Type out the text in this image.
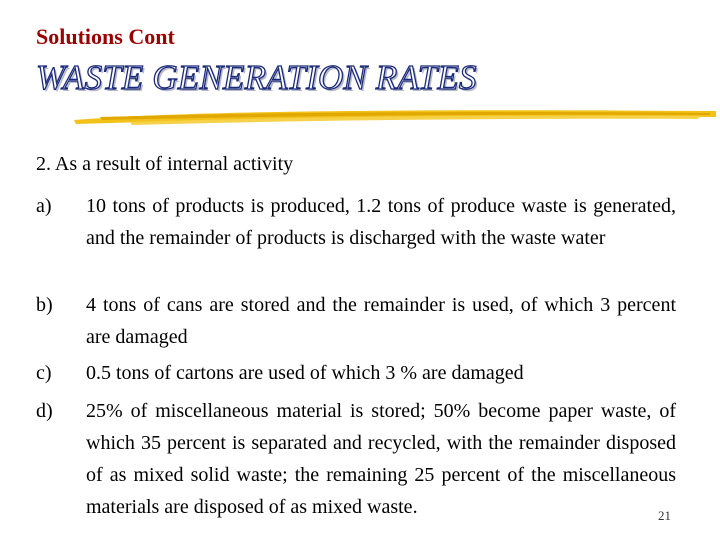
Solutions Cont
WASTE GENERATION RATES
2. As a result of internal activity
a)	10 tons of products is produced, 1.2 tons of produce waste is generated, and the remainder of products is discharged with the waste water
b)	4 tons of cans are stored and the remainder is used, of which 3 percent are damaged
c)	0.5 tons of cartons are used of which 3 % are damaged
d)	25% of miscellaneous material is stored; 50% become paper waste, of which 35 percent is separated and recycled, with the remainder disposed of as mixed solid waste; the remaining 25 percent of the miscellaneous materials are disposed of as mixed waste.	21
